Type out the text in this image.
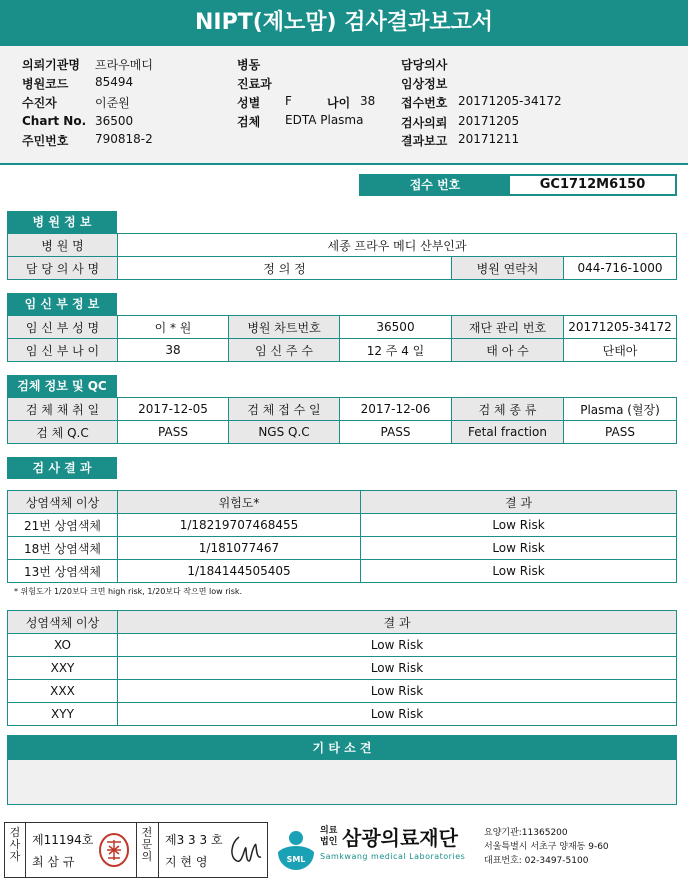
NIPT(제노맘) 검사결과보고서
의뢰기관명 프라우메디
병원코드 85494
수진자	이준원
Chart No. 36500
주민번호 790818-2
병동
진료과
성별 F	나이 38
검체 EDTA Plasma
담당의사
임상정보
접수번호 20171205-34172
검사의뢰 20171205
결과보고 20171211
접수 번호	GC1712M6150
병 원 정 보
병 원 명	세종 프라우 메디 산부인과		
담 당 의 사 명	정 의 정	병원 연락처	044-716-1000
임 신 부 정 보
임 신 부 성 명	이 * 원	병원 차트번호	36500	재단 관리 번호	20171205-34172
임 신 부 나 이	38	임 신 주 수	12 주 4 일	태 아 수	단태아
검체 정보 및 QC
검 체 채 취 일	2017-12-05	검 체 접 수 일	2017-12-06	검 체 종 류	Plasma (혈장)
검 체 Q.C	PASS	NGS Q.C	PASS	Fetal fraction	PASS
검 사 결 과
상염색체 이상	위험도*	결 과
21번 상염색체	1/18219707468455	Low Risk
18번 상염색체	1/181077467	Low Risk
13번 상염색체	1/184144505405	Low Risk
* 위험도가 1/20보다 크면 high risk, 1/20보다 작으면 low risk.
성염색체 이상	결 과
XO	Low Risk
XXY	Low Risk
XXX	Low Risk
XYY	Low Risk
기 타 소 견
검사자
제11194호
최 삼 규
전문의
제3 3 3 호
지 현 영	SML
의료
법인 삼광의료재단
Samkwang medical Laboratories
요양기관:11365200
서울특별시 서초구 양재동 9-60
대표번호: 02-3497-5100
